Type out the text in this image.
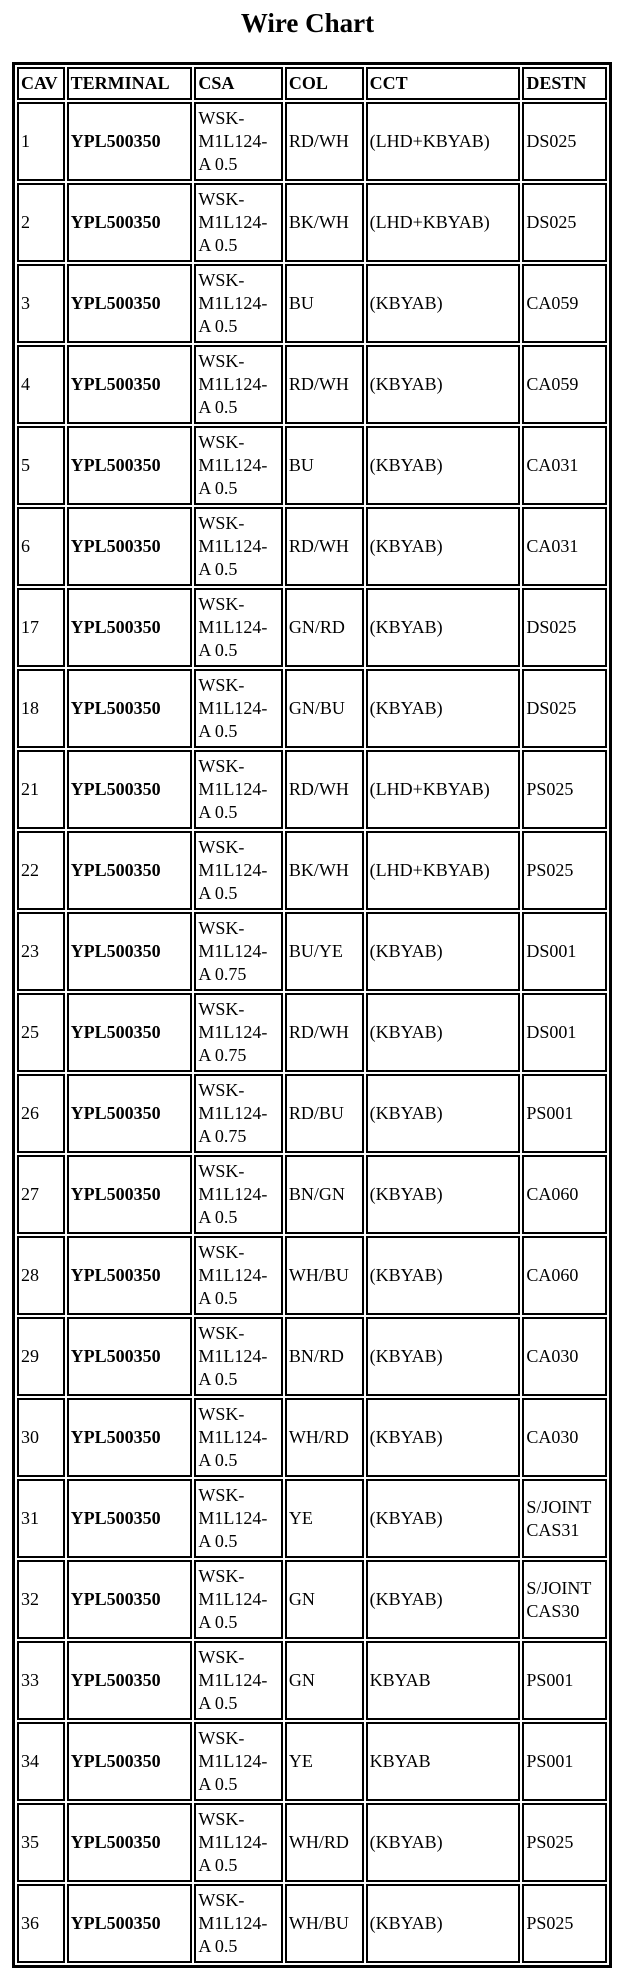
Wire Chart
CAV	TERMINAL	CSA	COL	CCT	DESTN
1	YPL500350	WSK-
M1L124-
A 0.5	RD/WH	(LHD+KBYAB)	DS025
2	YPL500350	WSK-
M1L124-
A 0.5	BK/WH	(LHD+KBYAB)	DS025
3	YPL500350	WSK-
M1L124-
A 0.5	BU	(KBYAB)	CA059
4	YPL500350	WSK-
M1L124-
A 0.5	RD/WH	(KBYAB)	CA059
5	YPL500350	WSK-
M1L124-
A 0.5	BU	(KBYAB)	CA031
6	YPL500350	WSK-
M1L124-
A 0.5	RD/WH	(KBYAB)	CA031
17	YPL500350	WSK-
M1L124-
A 0.5	GN/RD	(KBYAB)	DS025
18	YPL500350	WSK-
M1L124-
A 0.5	GN/BU	(KBYAB)	DS025
21	YPL500350	WSK-
M1L124-
A 0.5	RD/WH	(LHD+KBYAB)	PS025
22	YPL500350	WSK-
M1L124-
A 0.5	BK/WH	(LHD+KBYAB)	PS025
23	YPL500350	WSK-
M1L124-
A 0.75	BU/YE	(KBYAB)	DS001
25	YPL500350	WSK-
M1L124-
A 0.75	RD/WH	(KBYAB)	DS001
26	YPL500350	WSK-
M1L124-
A 0.75	RD/BU	(KBYAB)	PS001
27	YPL500350	WSK-
M1L124-
A 0.5	BN/GN	(KBYAB)	CA060
28	YPL500350	WSK-
M1L124-
A 0.5	WH/BU	(KBYAB)	CA060
29	YPL500350	WSK-
M1L124-
A 0.5	BN/RD	(KBYAB)	CA030
30	YPL500350	WSK-
M1L124-
A 0.5	WH/RD	(KBYAB)	CA030
31	YPL500350	WSK-
M1L124-
A 0.5	YE	(KBYAB)	S/JOINT
CAS31
32	YPL500350	WSK-
M1L124-
A 0.5	GN	(KBYAB)	S/JOINT
CAS30
33	YPL500350	WSK-
M1L124-
A 0.5	GN	KBYAB	PS001
34	YPL500350	WSK-
M1L124-
A 0.5	YE	KBYAB	PS001
35	YPL500350	WSK-
M1L124-
A 0.5	WH/RD	(KBYAB)	PS025
36	YPL500350	WSK-
M1L124-
A 0.5	WH/BU	(KBYAB)	PS025
